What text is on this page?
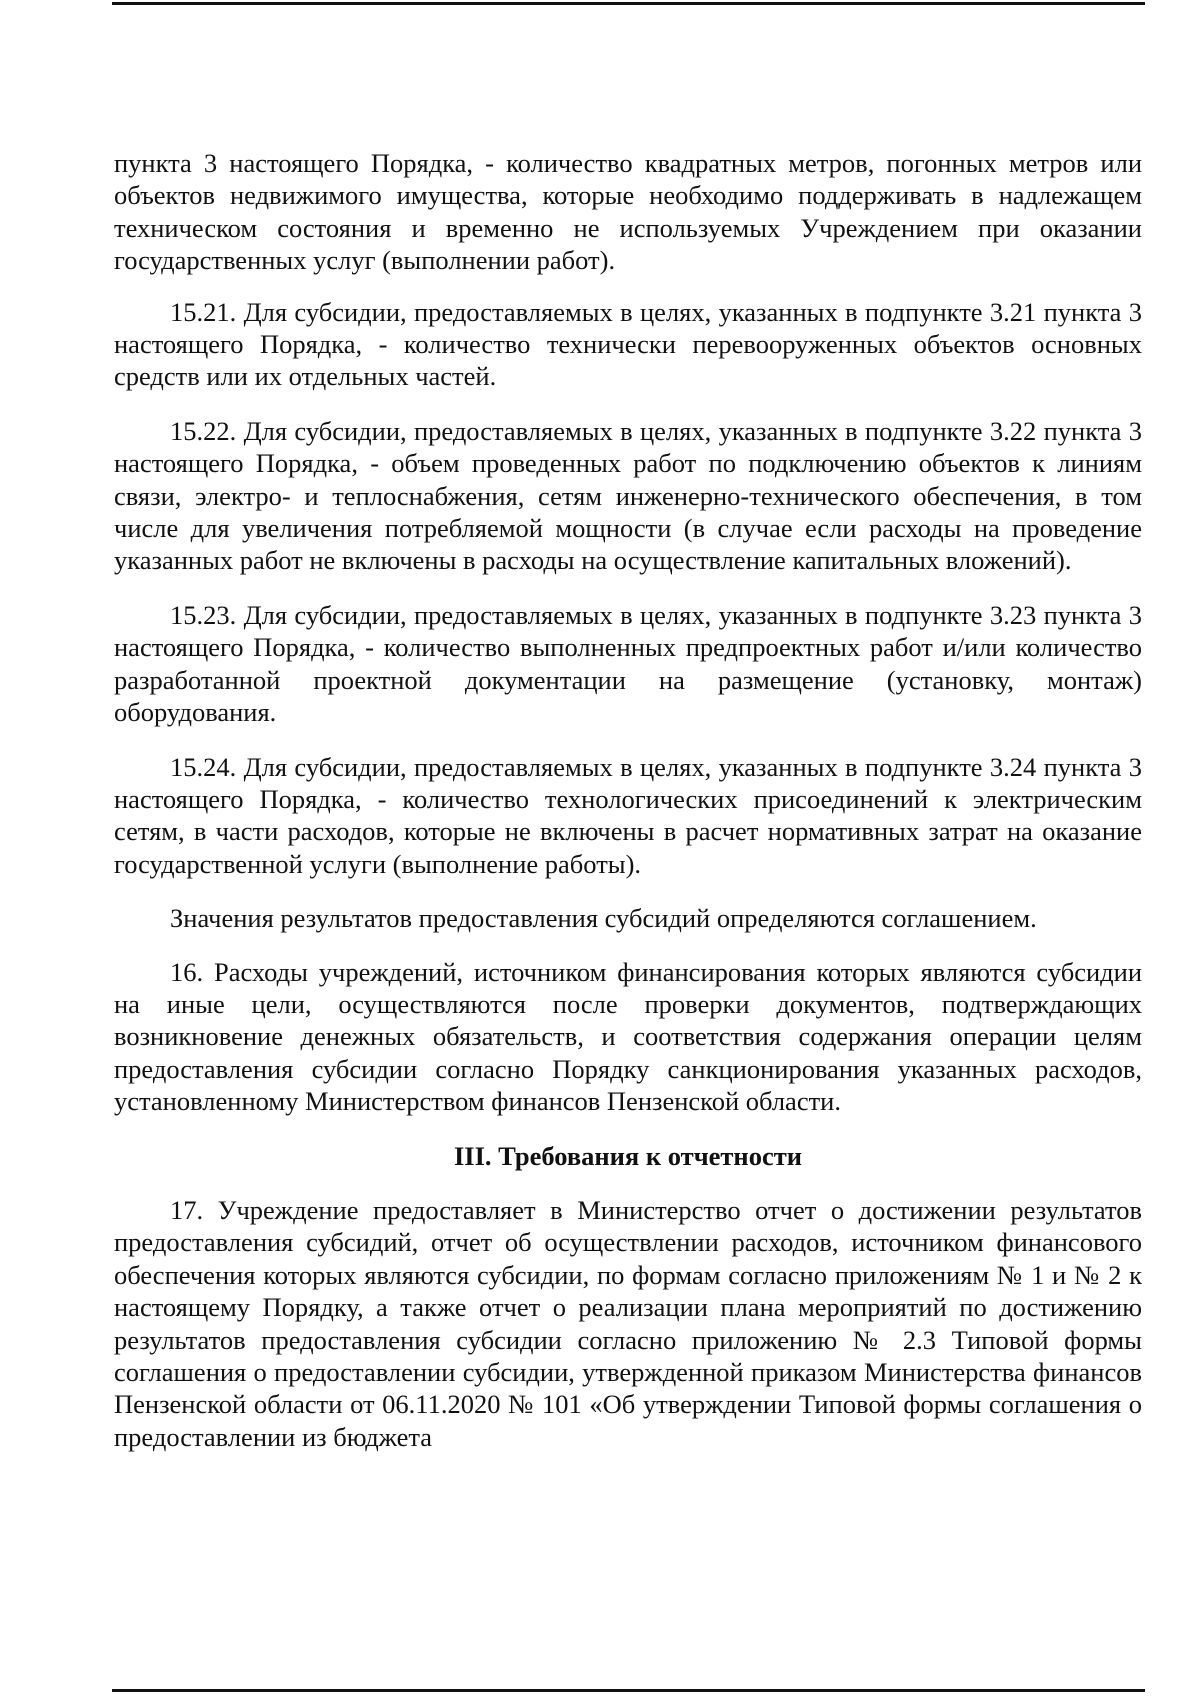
пункта 3 настоящего Порядка, - количество квадратных метров, погонных метров или объектов недвижимого имущества, которые необходимо поддерживать в надлежащем техническом состояния и временно не используемых Учреждением при оказании государственных услуг (выполнении работ).

15.21. Для субсидии, предоставляемых в целях, указанных в подпункте 3.21 пункта 3 настоящего Порядка, - количество технически перевооруженных объектов основных средств или их отдельных частей.

15.22. Для субсидии, предоставляемых в целях, указанных в подпункте 3.22 пункта 3 настоящего Порядка, - объем проведенных работ по подключению объектов к линиям связи, электро- и теплоснабжения, сетям инженерно-технического обеспечения, в том числе для увеличения потребляемой мощности (в случае если расходы на проведение указанных работ не включены в расходы на осуществление капитальных вложений).

15.23. Для субсидии, предоставляемых в целях, указанных в подпункте 3.23 пункта 3 настоящего Порядка, - количество выполненных предпроектных работ и/или количество разработанной проектной документации на размещение (установку, монтаж) оборудования.

15.24. Для субсидии, предоставляемых в целях, указанных в подпункте 3.24 пункта 3 настоящего Порядка, - количество технологических присоединений к электрическим сетям, в части расходов, которые не включены в расчет нормативных затрат на оказание государственной услуги (выполнение работы).

Значения результатов предоставления субсидий определяются соглашением.

16. Расходы учреждений, источником финансирования которых являются субсидии на иные цели, осуществляются после проверки документов, подтверждающих возникновение денежных обязательств, и соответствия содержания операции целям предоставления субсидии согласно Порядку санкционирования указанных расходов, установленному Министерством финансов Пензенской области.

III. Требования к отчетности

17. Учреждение предоставляет в Министерство отчет о достижении результатов предоставления субсидий, отчет об осуществлении расходов, источником финансового обеспечения которых являются субсидии, по формам согласно приложениям № 1 и № 2 к настоящему Порядку, а также отчет о реализации плана мероприятий по достижению результатов предоставления субсидии согласно приложению № 2.3 Типовой формы соглашения о предоставлении субсидии, утвержденной приказом Министерства финансов Пензенской области от 06.11.2020 № 101 «Об утверждении Типовой формы соглашения о предоставлении из бюджета
